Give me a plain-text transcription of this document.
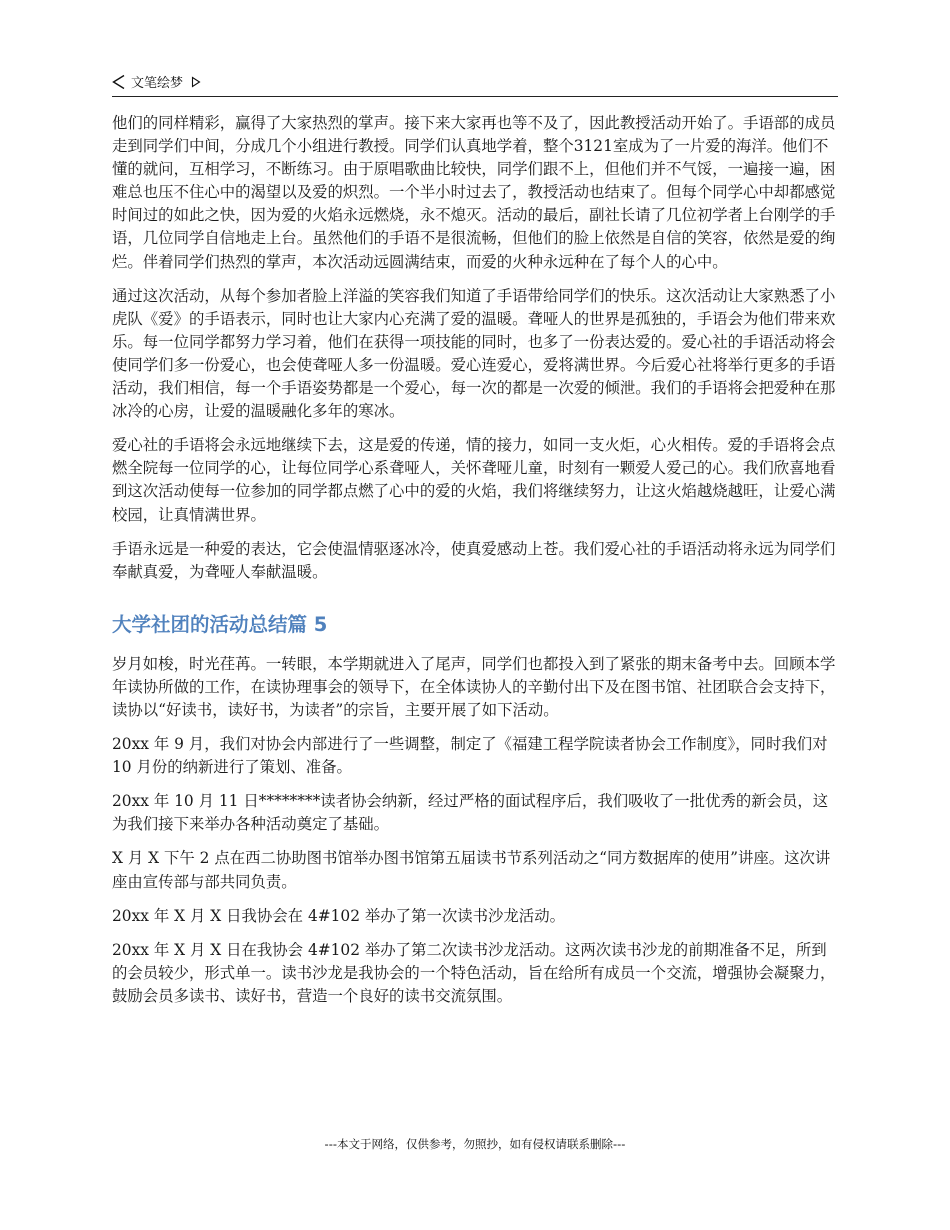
文笔绘梦

他们的同样精彩，赢得了大家热烈的掌声。接下来大家再也等不及了，因此教授活动开始了。手语部的成员走到同学们中间，分成几个小组进行教授。同学们认真地学着，整个3121室成为了一片爱的海洋。他们不懂的就问，互相学习，不断练习。由于原唱歌曲比较快，同学们跟不上，但他们并不气馁，一遍接一遍，困难总也压不住心中的渴望以及爱的炽烈。一个半小时过去了，教授活动也结束了。但每个同学心中却都感觉时间过的如此之快，因为爱的火焰永远燃烧，永不熄灭。活动的最后，副社长请了几位初学者上台刚学的手语，几位同学自信地走上台。虽然他们的手语不是很流畅，但他们的脸上依然是自信的笑容，依然是爱的绚烂。伴着同学们热烈的掌声，本次活动远圆满结束，而爱的火种永远种在了每个人的心中。

通过这次活动，从每个参加者脸上洋溢的笑容我们知道了手语带给同学们的快乐。这次活动让大家熟悉了小虎队《爱》的手语表示，同时也让大家内心充满了爱的温暖。聋哑人的世界是孤独的，手语会为他们带来欢乐。每一位同学都努力学习着，他们在获得一项技能的同时，也多了一份表达爱的。爱心社的手语活动将会使同学们多一份爱心，也会使聋哑人多一份温暖。爱心连爱心，爱将满世界。今后爱心社将举行更多的手语活动，我们相信，每一个手语姿势都是一个爱心，每一次的都是一次爱的倾泄。我们的手语将会把爱种在那冰冷的心房，让爱的温暖融化多年的寒冰。

爱心社的手语将会永远地继续下去，这是爱的传递，情的接力，如同一支火炬，心火相传。爱的手语将会点燃全院每一位同学的心，让每位同学心系聋哑人，关怀聋哑儿童，时刻有一颗爱人爱己的心。我们欣喜地看到这次活动使每一位参加的同学都点燃了心中的爱的火焰，我们将继续努力，让这火焰越烧越旺，让爱心满校园，让真情满世界。

手语永远是一种爱的表达，它会使温情驱逐冰冷，使真爱感动上苍。我们爱心社的手语活动将永远为同学们奉献真爱，为聋哑人奉献温暖。

大学社团的活动总结篇 5

岁月如梭，时光荏苒。一转眼，本学期就进入了尾声，同学们也都投入到了紧张的期末备考中去。回顾本学年读协所做的工作，在读协理事会的领导下，在全体读协人的辛勤付出下及在图书馆、社团联合会支持下，读协以“好读书，读好书，为读者”的宗旨，主要开展了如下活动。

20xx 年 9 月，我们对协会内部进行了一些调整，制定了《福建工程学院读者协会工作制度》，同时我们对 10 月份的纳新进行了策划、准备。

20xx 年 10 月 11 日********读者协会纳新，经过严格的面试程序后，我们吸收了一批优秀的新会员，这为我们接下来举办各种活动奠定了基础。

X 月 X 下午 2 点在西二协助图书馆举办图书馆第五届读书节系列活动之“同方数据库的使用”讲座。这次讲座由宣传部与部共同负责。

20xx 年 X 月 X 日我协会在 4#102 举办了第一次读书沙龙活动。

20xx 年 X 月 X 日在我协会 4#102 举办了第二次读书沙龙活动。这两次读书沙龙的前期准备不足，所到的会员较少，形式单一。读书沙龙是我协会的一个特色活动，旨在给所有成员一个交流，增强协会凝聚力，鼓励会员多读书、读好书，营造一个良好的读书交流氛围。

---本文于网络，仅供参考，勿照抄，如有侵权请联系删除---
